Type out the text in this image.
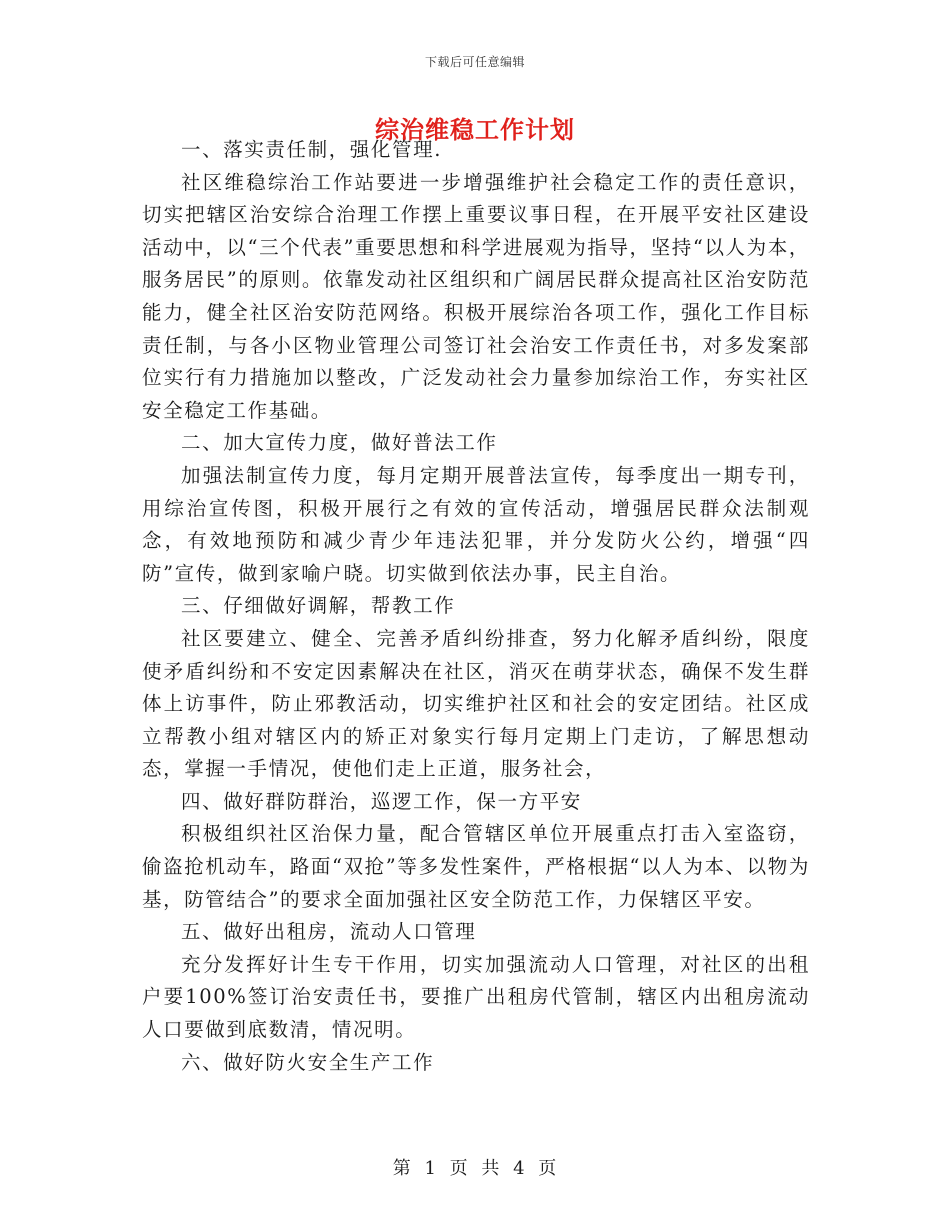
下载后可任意编辑
综治维稳工作计划

一、落实责任制，强化管理.

社区维稳综治工作站要进一步增强维护社会稳定工作的责任意识，切实把辖区治安综合治理工作摆上重要议事日程，在开展平安社区建设活动中，以“三个代表”重要思想和科学进展观为指导，坚持“以人为本，服务居民”的原则。依靠发动社区组织和广阔居民群众提高社区治安防范能力，健全社区治安防范网络。积极开展综治各项工作，强化工作目标责任制，与各小区物业管理公司签订社会治安工作责任书，对多发案部位实行有力措施加以整改，广泛发动社会力量参加综治工作，夯实社区安全稳定工作基础。

二、加大宣传力度，做好普法工作

加强法制宣传力度，每月定期开展普法宣传，每季度出一期专刊，用综治宣传图，积极开展行之有效的宣传活动，增强居民群众法制观念，有效地预防和减少青少年违法犯罪，并分发防火公约，增强“四防”宣传，做到家喻户晓。切实做到依法办事，民主自治。

三、仔细做好调解，帮教工作

社区要建立、健全、完善矛盾纠纷排查，努力化解矛盾纠纷，限度使矛盾纠纷和不安定因素解决在社区，消灭在萌芽状态，确保不发生群体上访事件，防止邪教活动，切实维护社区和社会的安定团结。社区成立帮教小组对辖区内的矫正对象实行每月定期上门走访，了解思想动态，掌握一手情况，使他们走上正道，服务社会，

四、做好群防群治，巡逻工作，保一方平安

积极组织社区治保力量，配合管辖区单位开展重点打击入室盗窃，偷盗抢机动车，路面“双抢”等多发性案件，严格根据“以人为本、以物为基，防管结合”的要求全面加强社区安全防范工作，力保辖区平安。

五、做好出租房，流动人口管理

充分发挥好计生专干作用，切实加强流动人口管理，对社区的出租户要100%签订治安责任书，要推广出租房代管制，辖区内出租房流动人口要做到底数清，情况明。

六、做好防火安全生产工作

第 1 页 共 4 页
